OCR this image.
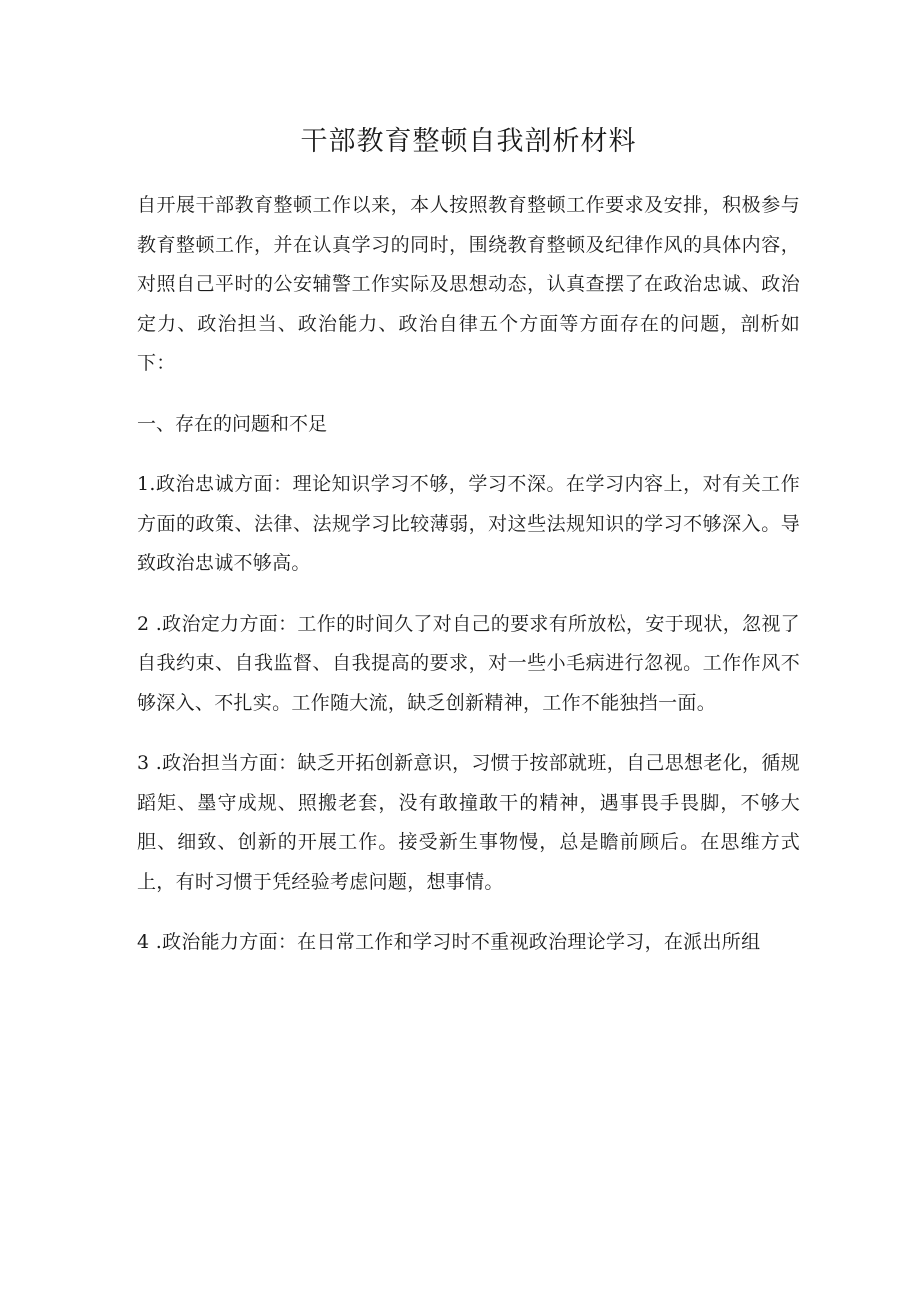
干部教育整顿自我剖析材料

自开展干部教育整顿工作以来，本人按照教育整顿工作要求及安排，积极参与教育整顿工作，并在认真学习的同时，围绕教育整顿及纪律作风的具体内容，对照自己平时的公安辅警工作实际及思想动态，认真查摆了在政治忠诚、政治定力、政治担当、政治能力、政治自律五个方面等方面存在的问题，剖析如下：

一、存在的问题和不足

1.政治忠诚方面：理论知识学习不够，学习不深。在学习内容上，对有关工作方面的政策、法律、法规学习比较薄弱，对这些法规知识的学习不够深入。导致政治忠诚不够高。

2 .政治定力方面：工作的时间久了对自己的要求有所放松，安于现状，忽视了自我约束、自我监督、自我提高的要求，对一些小毛病进行忽视。工作作风不够深入、不扎实。工作随大流，缺乏创新精神，工作不能独挡一面。

3 .政治担当方面：缺乏开拓创新意识，习惯于按部就班，自己思想老化，循规蹈矩、墨守成规、照搬老套，没有敢撞敢干的精神，遇事畏手畏脚，不够大胆、细致、创新的开展工作。接受新生事物慢，总是瞻前顾后。在思维方式上，有时习惯于凭经验考虑问题，想事情。

4 .政治能力方面：在日常工作和学习时不重视政治理论学习，在派出所组
